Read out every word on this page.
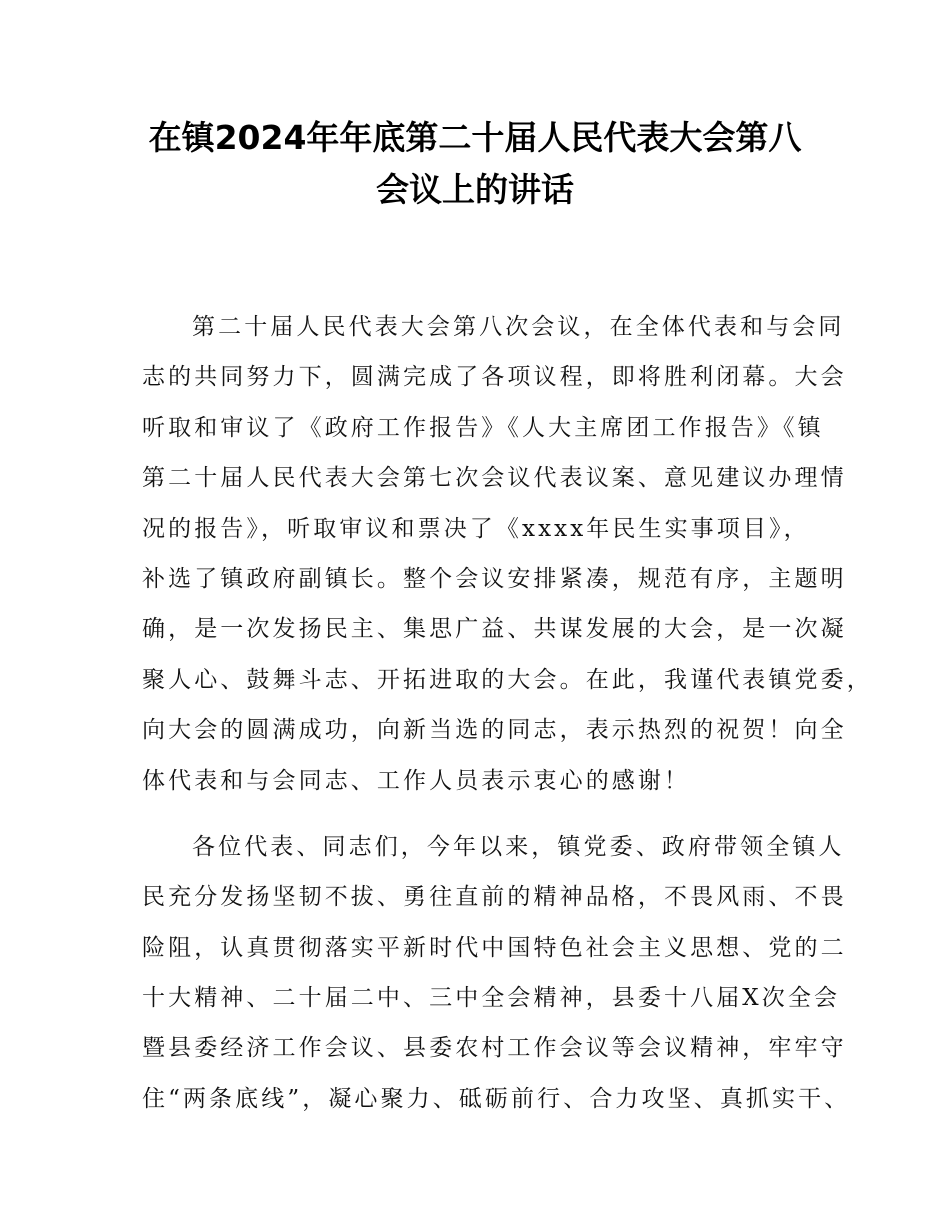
在镇2024年年底第二十届人民代表大会第八
会议上的讲话
第二十届人民代表大会第八次会议，在全体代表和与会同
志的共同努力下，圆满完成了各项议程，即将胜利闭幕。大会
听取和审议了《政府工作报告》《人大主席团工作报告》《镇
第二十届人民代表大会第七次会议代表议案、意见建议办理情
况的报告》，听取审议和票决了《xxxx年民生实事项目》，
补选了镇政府副镇长。整个会议安排紧凑，规范有序，主题明
确，是一次发扬民主、集思广益、共谋发展的大会，是一次凝
聚人心、鼓舞斗志、开拓进取的大会。在此，我谨代表镇党委，
向大会的圆满成功，向新当选的同志，表示热烈的祝贺！向全
体代表和与会同志、工作人员表示衷心的感谢！
各位代表、同志们，今年以来，镇党委、政府带领全镇人
民充分发扬坚韧不拔、勇往直前的精神品格，不畏风雨、不畏
险阻，认真贯彻落实平新时代中国特色社会主义思想、党的二
十大精神、二十届二中、三中全会精神，县委十八届X次全会
暨县委经济工作会议、县委农村工作会议等会议精神，牢牢守
住“两条底线”，凝心聚力、砥砺前行、合力攻坚、真抓实干、
